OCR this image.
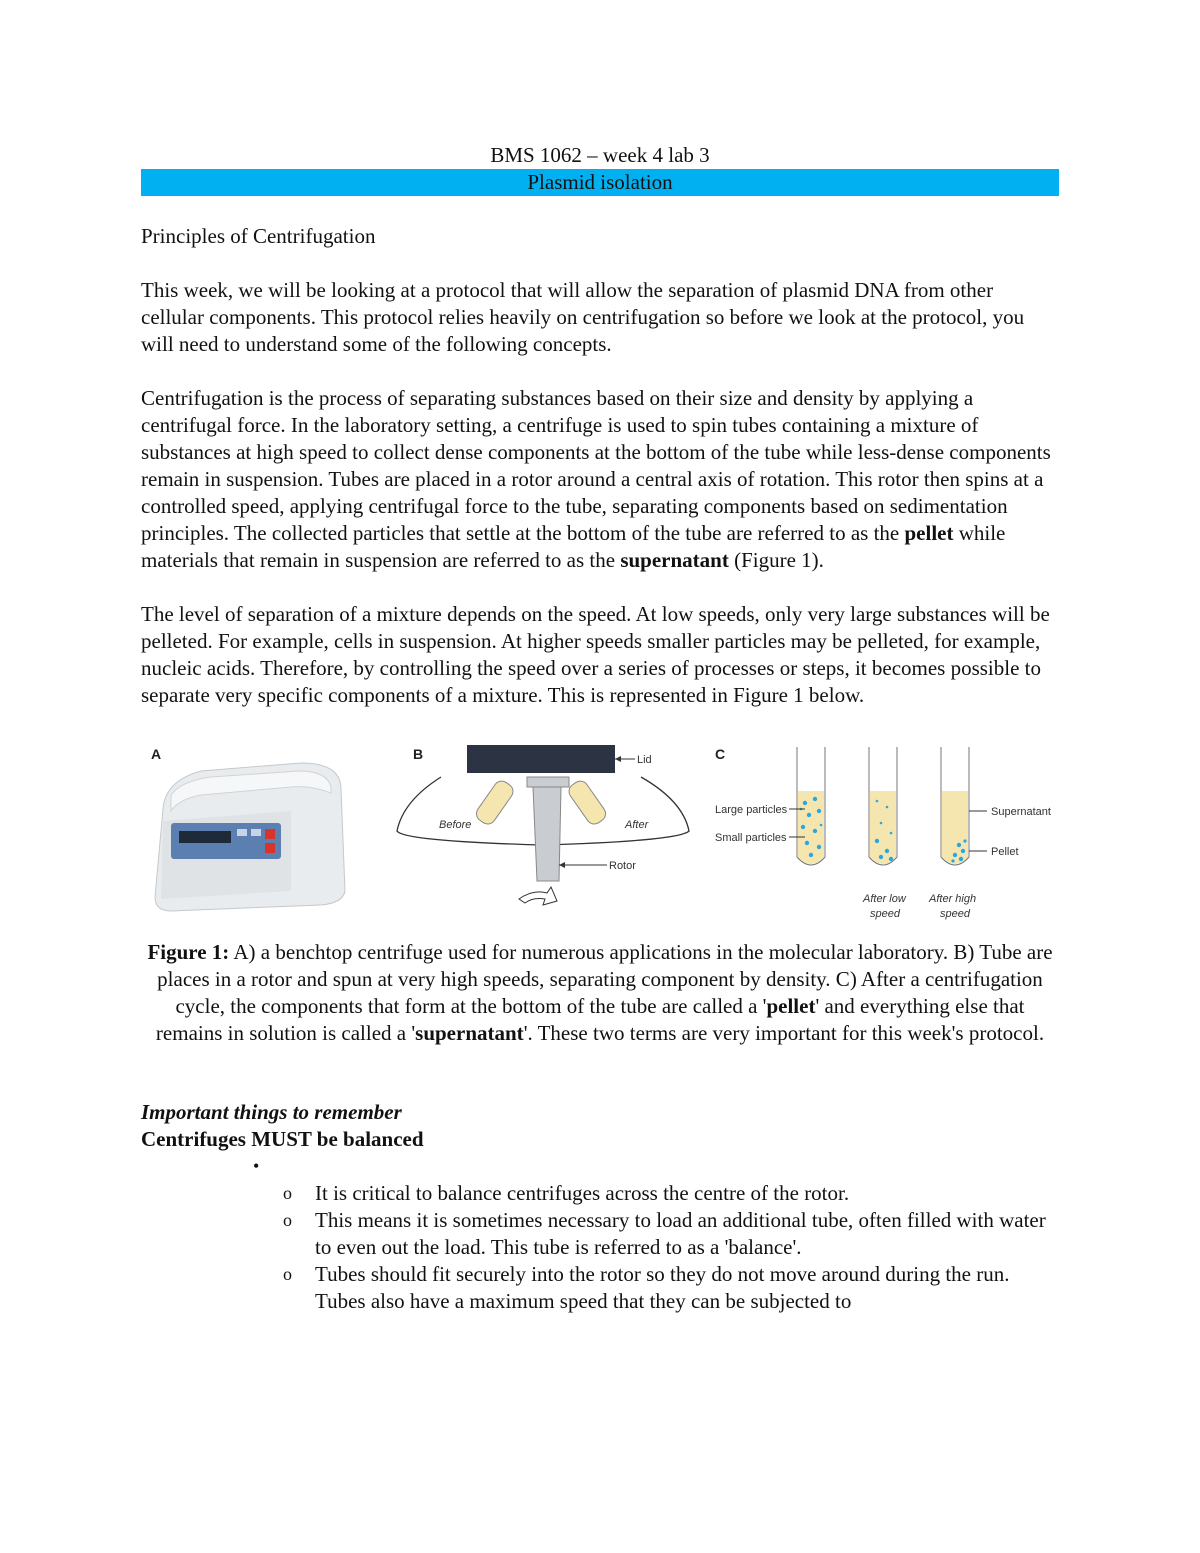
BMS 1062 – week 4 lab 3

Plasmid isolation

Principles of Centrifugation

This week, we will be looking at a protocol that will allow the separation of plasmid DNA from other cellular components. This protocol relies heavily on centrifugation so before we look at the protocol, you will need to understand some of the following concepts.

Centrifugation is the process of separating substances based on their size and density by applying a centrifugal force. In the laboratory setting, a centrifuge is used to spin tubes containing a mixture of substances at high speed to collect dense components at the bottom of the tube while less-dense components remain in suspension. Tubes are placed in a rotor around a central axis of rotation. This rotor then spins at a controlled speed, applying centrifugal force to the tube, separating components based on sedimentation principles. The collected particles that settle at the bottom of the tube are referred to as the pellet while materials that remain in suspension are referred to as the supernatant (Figure 1).

The level of separation of a mixture depends on the speed. At low speeds, only very large substances will be pelleted. For example, cells in suspension. At higher speeds smaller particles may be pelleted, for example, nucleic acids. Therefore, by controlling the speed over a series of processes or steps, it becomes possible to separate very specific components of a mixture. This is represented in Figure 1 below.

A	B	Lid
Before	After
Rotor
C
Large particles
Small particles
Supernatant
Pellet
After low
speed
After high
speed

Figure 1: A) a benchtop centrifuge used for numerous applications in the molecular laboratory. B) Tube are places in a rotor and spun at very high speeds, separating component by density. C) After a centrifugation cycle, the components that form at the bottom of the tube are called a 'pellet' and everything else that remains in solution is called a 'supernatant'. These two terms are very important for this week's protocol.

Important things to remember

Centrifuges MUST be balanced

•

o It is critical to balance centrifuges across the centre of the rotor.
o This means it is sometimes necessary to load an additional tube, often filled with water to even out the load. This tube is referred to as a 'balance'.
o Tubes should fit securely into the rotor so they do not move around during the run. Tubes also have a maximum speed that they can be subjected to
